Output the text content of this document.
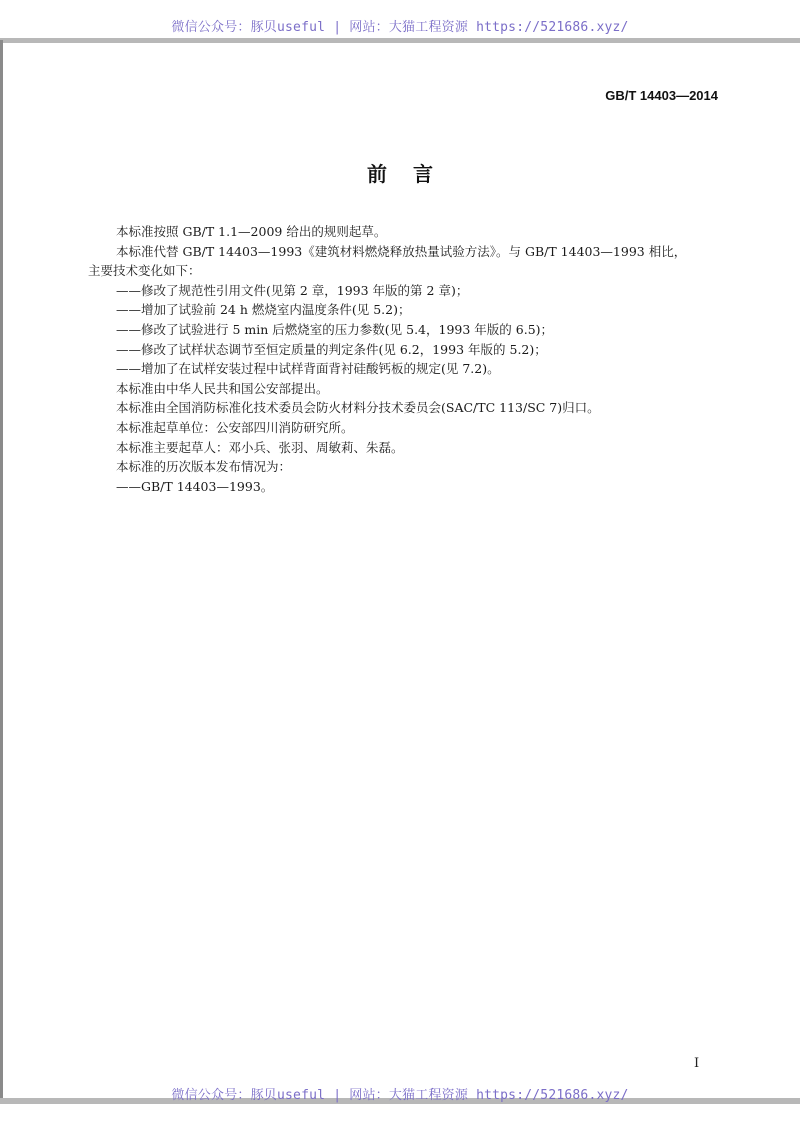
微信公众号：豚贝useful | 网站：大猫工程资源 https://521686.xyz/
GB/T 14403—2014
前言

本标准按照 GB/T 1.1—2009 给出的规则起草。

本标准代替 GB/T 14403—1993《建筑材料燃烧释放热量试验方法》。与 GB/T 14403—1993 相比，

主要技术变化如下：

——修改了规范性引用文件(见第 2 章，1993 年版的第 2 章)；

——增加了试验前 24 h 燃烧室内温度条件(见 5.2)；

——修改了试验进行 5 min 后燃烧室的压力参数(见 5.4，1993 年版的 6.5)；

——修改了试样状态调节至恒定质量的判定条件(见 6.2，1993 年版的 5.2)；

——增加了在试样安装过程中试样背面背衬硅酸钙板的规定(见 7.2)。

本标准由中华人民共和国公安部提出。

本标准由全国消防标准化技术委员会防火材料分技术委员会(SAC/TC 113/SC 7)归口。

本标准起草单位：公安部四川消防研究所。

本标准主要起草人：邓小兵、张羽、周敏莉、朱磊。

本标准的历次版本发布情况为：

——GB/T 14403—1993。

I
微信公众号：豚贝useful | 网站：大猫工程资源 https://521686.xyz/
